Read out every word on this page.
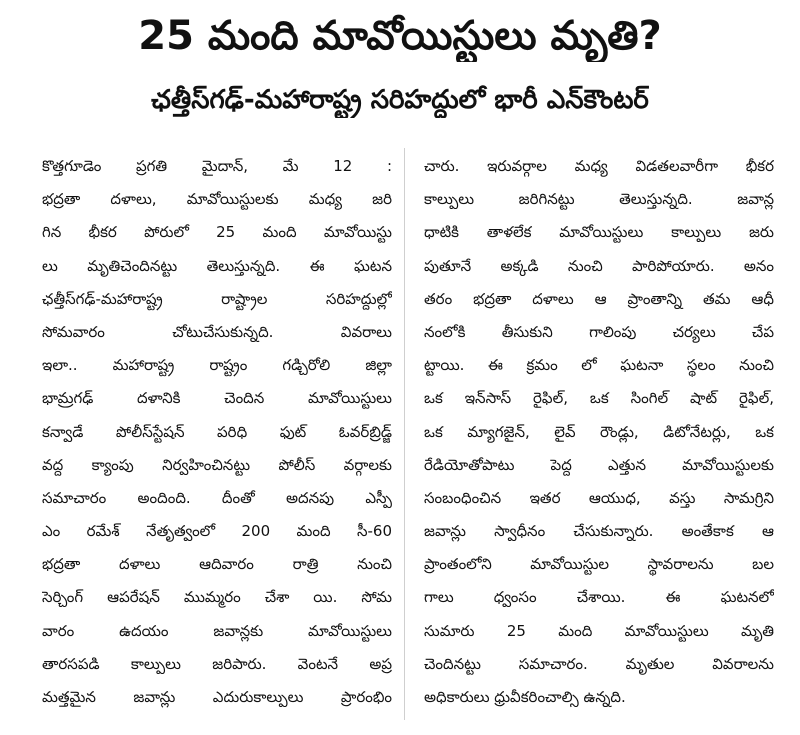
25 మంది మావోయిస్టులు మృతి?
ఛత్తీస్‌గఢ్-మహారాష్ట్ర సరిహద్దులో భారీ ఎన్‌కౌంటర్
కొత్తగూడెం ప్రగతి మైదాన్, మే 12 :
భద్రతా దళాలు, మావోయిస్టులకు మధ్య జరి
గిన భీకర పోరులో 25 మంది మావోయిస్టు
లు మృతిచెందినట్టు తెలుస్తున్నది. ఈ ఘటన
ఛత్తీస్‌గఢ్-మహారాష్ట్ర రాష్ట్రాల సరిహద్దుల్లో
సోమవారం చోటుచేసుకున్నది. వివరాలు
ఇలా.. మహారాష్ట్ర రాష్ట్రం గడ్చిరోలి జిల్లా
భామ్రగఢ్ దళానికి చెందిన మావోయిస్టులు
కన్వాడే పోలీస్‌స్టేషన్ పరిధి ఫుట్ ఓవర్‌బ్రిడ్జ్
వద్ద క్యాంపు నిర్వహించినట్టు పోలీస్ వర్గాలకు
సమాచారం అందింది. దీంతో అదనపు ఎస్పీ
ఎం రమేశ్ నేతృత్వంలో 200 మంది సీ-60
భద్రతా దళాలు ఆదివారం రాత్రి నుంచి
సెర్చింగ్ ఆపరేషన్ ముమ్మరం చేశా యి. సోమ
వారం ఉదయం జవాన్లకు మావోయిస్టులు
తారసపడి కాల్పులు జరిపారు. వెంటనే అప్ర
మత్తమైన జవాన్లు ఎదురుకాల్పులు ప్రారంభిం
చారు. ఇరువర్గాల మధ్య విడతలవారీగా భీకర
కాల్పులు జరిగినట్టు తెలుస్తున్నది. జవాన్ల
ధాటికి తాళలేక మావోయిస్టులు కాల్పులు జరు
పుతూనే అక్కడి నుంచి పారిపోయారు. అనం
తరం భద్రతా దళాలు ఆ ప్రాంతాన్ని తమ ఆధీ
నంలోకి తీసుకుని గాలింపు చర్యలు చేప
ట్టాయి. ఈ క్రమం లో ఘటనా స్థలం నుంచి
ఒక ఇన్‌సాస్ రైఫిల్, ఒక సింగిల్ షాట్ రైఫిల్,
ఒక మ్యాగజైన్, లైవ్ రౌండ్లు, డిటోనేటర్లు, ఒక
రేడియోతోపాటు పెద్ద ఎత్తున మావోయిస్టులకు
సంబంధించిన ఇతర ఆయుధ, వస్తు సామగ్రిని
జవాన్లు స్వాధీనం చేసుకున్నారు. అంతేకాక ఆ
ప్రాంతంలోని మావోయిస్టుల స్థావరాలను బల
గాలు ధ్వంసం చేశాయి. ఈ ఘటనలో
సుమారు 25 మంది మావోయిస్టులు మృతి
చెందినట్టు సమాచారం. మృతుల వివరాలను
అధికారులు ధ్రువీకరించాల్సి ఉన్నది.
